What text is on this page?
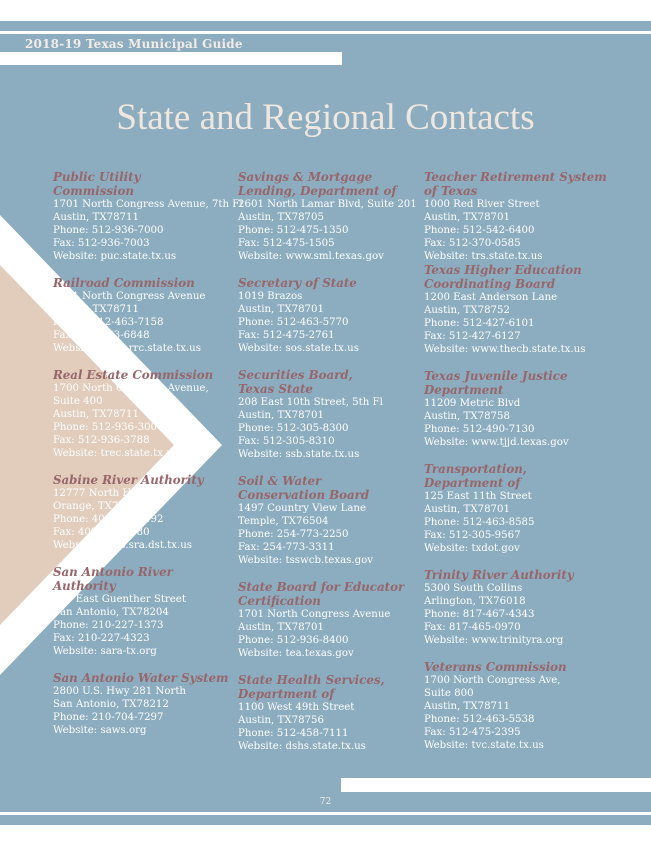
2018-19 Texas Municipal Guide
State and Regional Contacts
Public Utility
Commission
1701 North Congress Avenue, 7th Fl
Austin, TX78711
Phone: 512-936-7000
Fax: 512-936-7003
Website: puc.state.tx.us
Railroad Commission
1701 North Congress Avenue
Austin, TX78711
Phone: 512-463-7158
Fax: 512-463-6848
Website: www.rrc.state.tx.us
Real Estate Commission
1700 North Congress Avenue,
Suite 400
Austin, TX78711
Phone: 512-936-3000
Fax: 512-936-3788
Website: trec.state.tx.us
Sabine River Authority
12777 North Hwy 87
Orange, TX77630
Phone: 409-746-2192
Fax: 409-746-3780
Website: www.sra.dst.tx.us
San Antonio River Authority
100 East Guenther Street
San Antonio, TX78204
Phone: 210-227-1373
Fax: 210-227-4323
Website: sara-tx.org
San Antonio Water System
2800 U.S. Hwy 281 North
San Antonio, TX78212
Phone: 210-704-7297
Website: saws.org
Savings & Mortgage
Lending, Department of
2601 North Lamar Blvd, Suite 201
Austin, TX78705
Phone: 512-475-1350
Fax: 512-475-1505
Website: www.sml.texas.gov
Secretary of State
1019 Brazos
Austin, TX78701
Phone: 512-463-5770
Fax: 512-475-2761
Website: sos.state.tx.us
Securities Board,
Texas State
208 East 10th Street, 5th Fl
Austin, TX78701
Phone: 512-305-8300
Fax: 512-305-8310
Website: ssb.state.tx.us
Soil & Water
Conservation Board
1497 Country View Lane
Temple, TX76504
Phone: 254-773-2250
Fax: 254-773-3311
Website: tsswcb.texas.gov
State Board for Educator
Certification
1701 North Congress Avenue
Austin, TX78701
Phone: 512-936-8400
Website: tea.texas.gov
State Health Services,
Department of
1100 West 49th Street
Austin, TX78756
Phone: 512-458-7111
Website: dshs.state.tx.us
Teacher Retirement System
of Texas
1000 Red River Street
Austin, TX78701
Phone: 512-542-6400
Fax: 512-370-0585
Website: trs.state.tx.us
Texas Higher Education
Coordinating Board
1200 East Anderson Lane
Austin, TX78752
Phone: 512-427-6101
Fax: 512-427-6127
Website: www.thecb.state.tx.us
Texas Juvenile Justice
Department
11209 Metric Blvd
Austin, TX78758
Phone: 512-490-7130
Website: www.tjjd.texas.gov
Transportation,
Department of
125 East 11th Street
Austin, TX78701
Phone: 512-463-8585
Fax: 512-305-9567
Website: txdot.gov
Trinity River Authority
5300 South Collins
Arlington, TX76018
Phone: 817-467-4343
Fax: 817-465-0970
Website: www.trinityra.org
Veterans Commission
1700 North Congress Ave,
Suite 800
Austin, TX78711
Phone: 512-463-5538
Fax: 512-475-2395
Website: tvc.state.tx.us
72
